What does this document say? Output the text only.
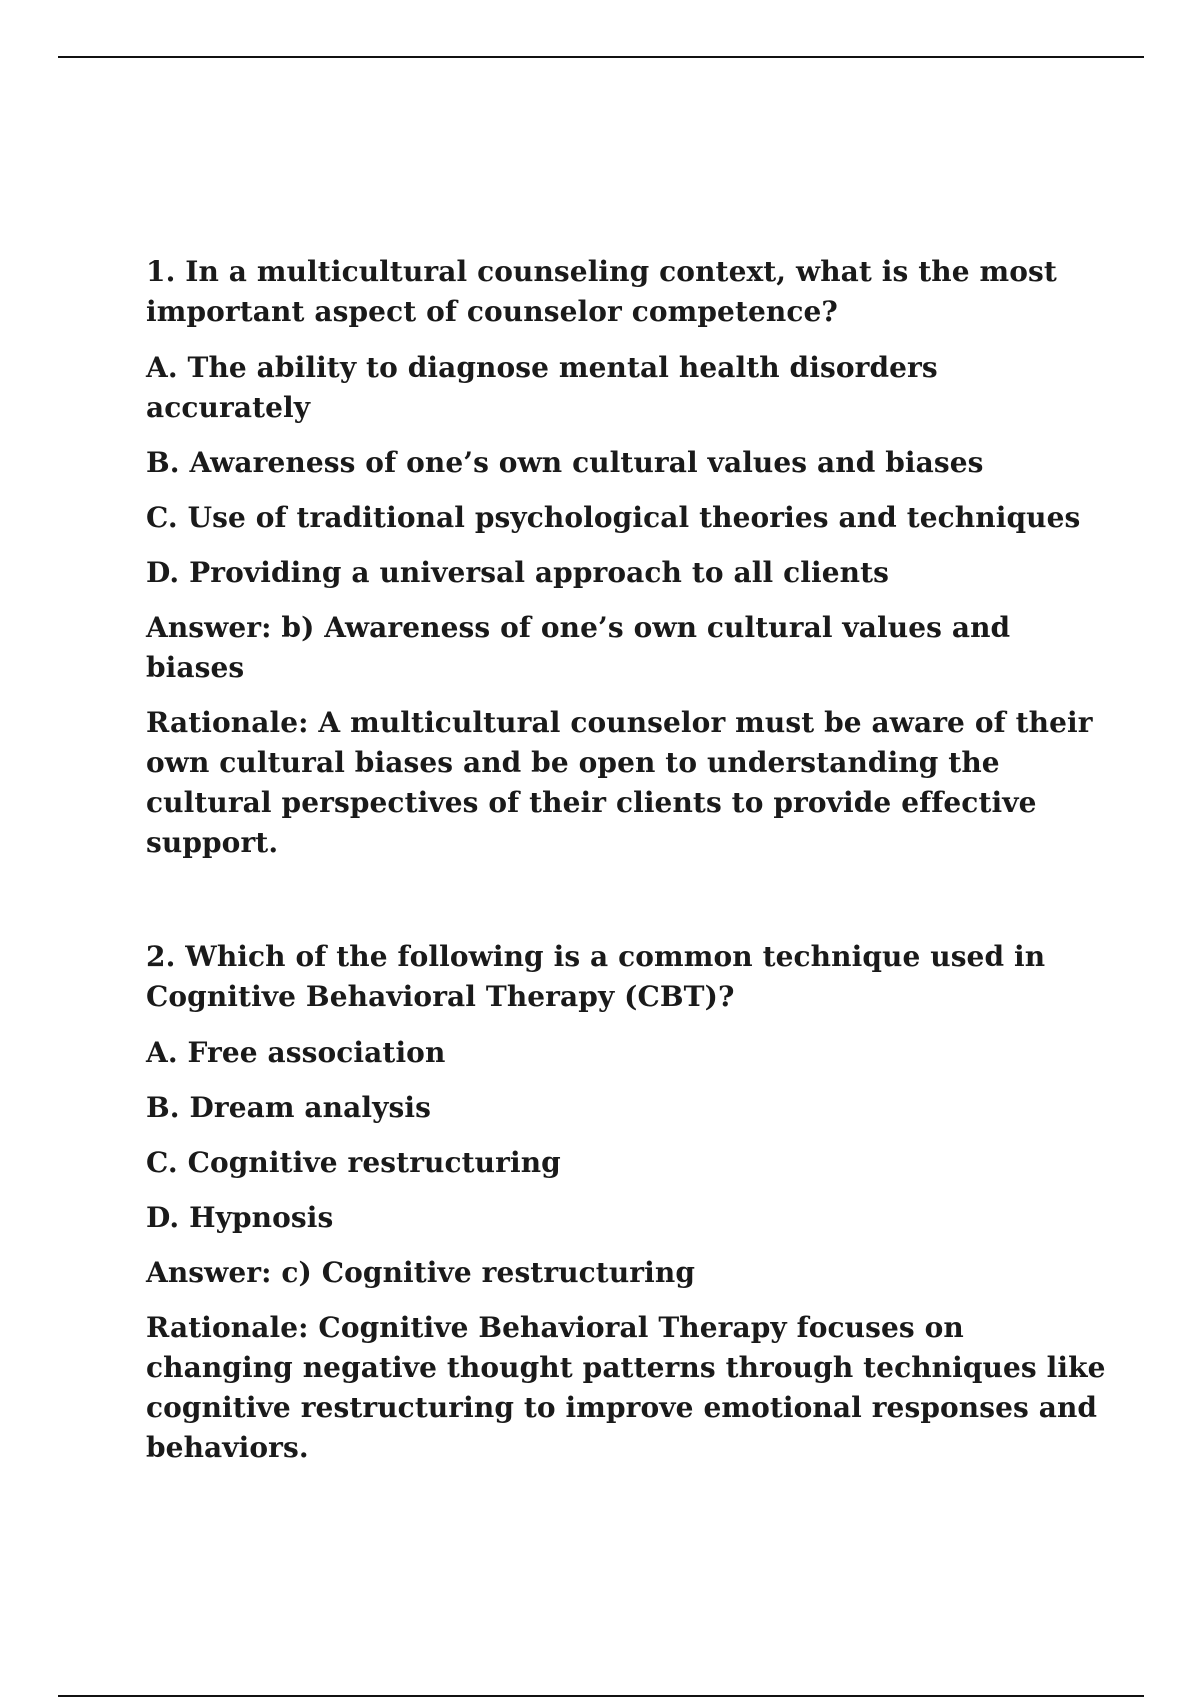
1. In a multicultural counseling context, what is the most important aspect of counselor competence?

A. The ability to diagnose mental health disorders accurately

B. Awareness of one’s own cultural values and biases

C. Use of traditional psychological theories and techniques

D. Providing a universal approach to all clients

Answer: b) Awareness of one’s own cultural values and biases

Rationale: A multicultural counselor must be aware of their own cultural biases and be open to understanding the cultural perspectives of their clients to provide effective support.

2. Which of the following is a common technique used in Cognitive Behavioral Therapy (CBT)?

A. Free association

B. Dream analysis

C. Cognitive restructuring

D. Hypnosis

Answer: c) Cognitive restructuring

Rationale: Cognitive Behavioral Therapy focuses on changing negative thought patterns through techniques like cognitive restructuring to improve emotional responses and behaviors.
